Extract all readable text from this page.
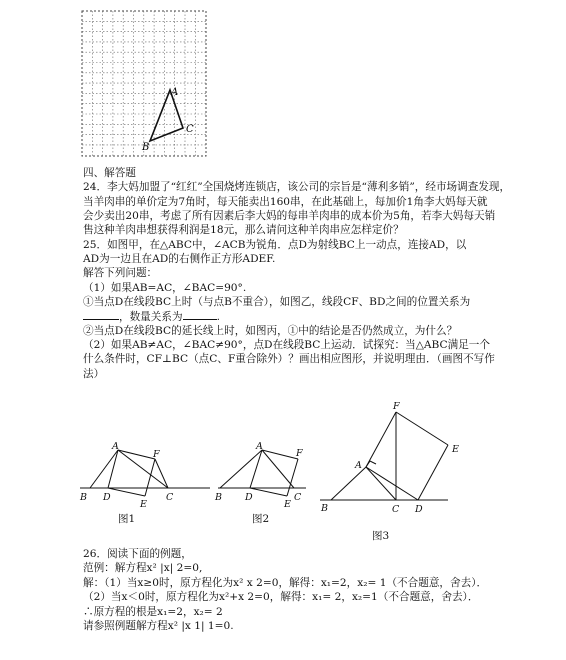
A
C
B
A
F
B D
E
C
A
F
B D	C
E
F
E
A
B	C D
图1	图2
图3
四、解答题
24．李大妈加盟了“红红”全国烧烤连锁店，该公司的宗旨是“薄利多销”，经市场调查发现，
当羊肉串的单价定为7角时，每天能卖出160串，在此基础上，每加价1角李大妈每天就
会少卖出20串，考虑了所有因素后李大妈的每串羊肉串的成本价为5角，若李大妈每天销
售这种羊肉串想获得利润是18元，那么请问这种羊肉串应怎样定价？
25．如图甲，在△ABC中，∠ACB为锐角．点D为射线BC上一动点，连接AD，以
AD为一边且在AD的右侧作正方形ADEF.
解答下列问题：
（1）如果AB=AC，∠BAC=90°.
①当点D在线段BC上时（与点B不重合），如图乙，线段CF、BD之间的位置关系为
，数量关系为	.
②当点D在线段BC的延长线上时，如图丙，①中的结论是否仍然成立，为什么？
（2）如果AB≠AC，∠BAC≠90°，点D在线段BC上运动．试探究：当△ABC满足一个
什么条件时，CF⊥BC（点C、F重合除外）？画出相应图形，并说明理由．（画图不写作
法）
26．阅读下面的例题，
范例：解方程x² |x| 2=0,
解：（1）当x≥0时，原方程化为x² x 2=0，解得：x₁=2，x₂= 1（不合题意，舍去）．
（2）当x＜0时，原方程化为x²+x 2=0，解得：x₁= 2，x₂=1（不合题意，舍去）．
∴原方程的根是x₁=2，x₂= 2
请参照例题解方程x² |x 1| 1=0.
